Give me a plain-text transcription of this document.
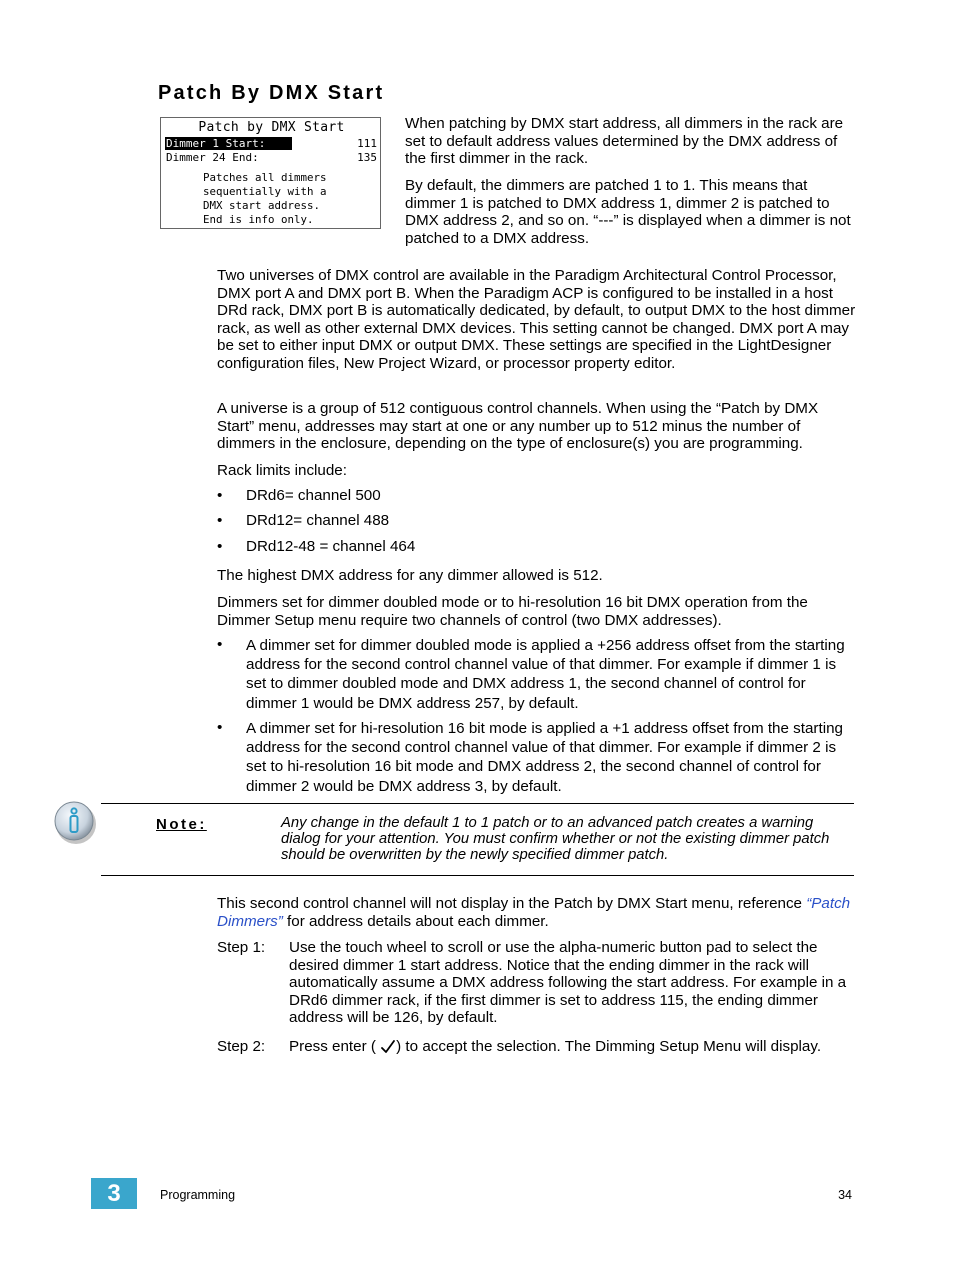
Patch By DMX Start
Patch by DMX Start
Dimmer 1 Start:	111
Dimmer 24 End:	135
Patches all dimmers
sequentially with a
DMX start address.
End is info only.

When patching by DMX start address, all dimmers in the rack are set to default address values determined by the DMX address of the first dimmer in the rack.

By default, the dimmers are patched 1 to 1. This means that dimmer 1 is patched to DMX address 1, dimmer 2 is patched to DMX address 2, and so on. “---” is displayed when a dimmer is not patched to a DMX address.

Two universes of DMX control are available in the Paradigm Architectural Control Processor, DMX port A and DMX port B. When the Paradigm ACP is configured to be installed in a host DRd rack, DMX port B is automatically dedicated, by default, to output DMX to the host dimmer rack, as well as other external DMX devices. This setting cannot be changed. DMX port A may be set to either input DMX or output DMX. These settings are specified in the LightDesigner configuration files, New Project Wizard, or processor property editor.

A universe is a group of 512 contiguous control channels. When using the “Patch by DMX Start” menu, addresses may start at one or any number up to 512 minus the number of dimmers in the enclosure, depending on the type of enclosure(s) you are programming.

Rack limits include:

• DRd6= channel 500
• DRd12= channel 488
• DRd12-48 = channel 464

The highest DMX address for any dimmer allowed is 512.

Dimmers set for dimmer doubled mode or to hi-resolution 16 bit DMX operation from the Dimmer Setup menu require two channels of control (two DMX addresses).

• A dimmer set for dimmer doubled mode is applied a +256 address offset from the starting address for the second control channel value of that dimmer. For example if dimmer 1 is set to dimmer doubled mode and DMX address 1, the second channel of control for dimmer 1 would be DMX address 257, by default.
• A dimmer set for hi-resolution 16 bit mode is applied a +1 address offset from the starting address for the second control channel value of that dimmer. For example if dimmer 2 is set to hi-resolution 16 bit mode and DMX address 2, the second channel of control for dimmer 2 would be DMX address 3, by default.
Note:	Any change in the default 1 to 1 patch or to an advanced patch creates a warning dialog for your attention. You must confirm whether or not the existing dimmer patch should be overwritten by the newly specified dimmer patch.

This second control channel will not display in the Patch by DMX Start menu, reference “Patch Dimmers” for address details about each dimmer.

Step 1: Use the touch wheel to scroll or use the alpha-numeric button pad to select the desired dimmer 1 start address. Notice that the ending dimmer in the rack will automatically assume a DMX address following the start address. For example in a DRd6 dimmer rack, if the first dimmer is set to address 115, the ending dimmer address will be 126, by default.
Step 2: Press enter ( ) to accept the selection. The Dimming Setup Menu will display.
3	Programming	34
